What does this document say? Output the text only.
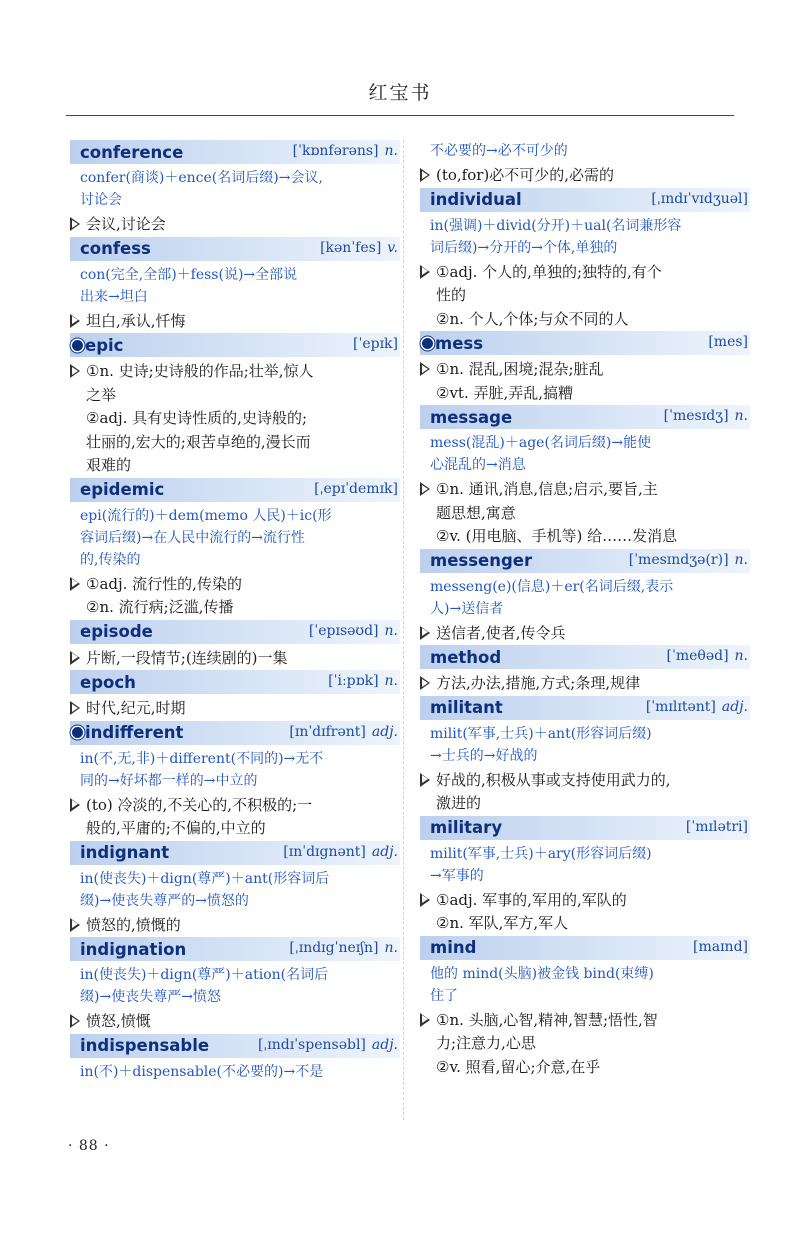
红宝书
conference	[ˈkɒnfərəns] n.
confer(商谈)＋ence(名词后缀)→会议,
讨论会
会议,讨论会
confess	[kənˈfes] v.
con(完全,全部)＋fess(说)→全部说
出来→坦白
坦白,承认,忏悔
epic	[ˈepɪk]
①n. 史诗;史诗般的作品;壮举,惊人
之举
②adj. 具有史诗性质的,史诗般的;
壮丽的,宏大的;艰苦卓绝的,漫长而
艰难的
epidemic	[ˌepɪˈdemɪk]
epi(流行的)＋dem(memo 人民)＋ic(形
容词后缀)→在人民中流行的→流行性
的,传染的
①adj. 流行性的,传染的
②n. 流行病;泛滥,传播
episode	[ˈepɪsəʊd] n.
片断,一段情节;(连续剧的)一集
epoch	[ˈiːpɒk] n.
时代,纪元,时期
indifferent	[ɪnˈdɪfrənt] adj.
in(不,无,非)＋different(不同的)→无不
同的→好坏都一样的→中立的
(to) 冷淡的,不关心的,不积极的;一
般的,平庸的;不偏的,中立的
indignant	[ɪnˈdɪgnənt] adj.
in(使丧失)＋dign(尊严)＋ant(形容词后
缀)→使丧失尊严的→愤怒的
愤怒的,愤慨的
indignation	[ˌɪndɪgˈneɪʃn] n.
in(使丧失)＋dign(尊严)＋ation(名词后
缀)→使丧失尊严→愤怒
愤怒,愤慨
indispensable	[ˌɪndɪˈspensəbl] adj.
in(不)＋dispensable(不必要的)→不是
不必要的→必不可少的
(to,for)必不可少的,必需的
individual	[ˌɪndɪˈvɪdʒuəl]
in(强调)＋divid(分开)＋ual(名词兼形容
词后缀)→分开的→个体,单独的
①adj. 个人的,单独的;独特的,有个
性的
②n. 个人,个体;与众不同的人
mess	[mes]
①n. 混乱,困境;混杂;脏乱
②vt. 弄脏,弄乱,搞糟
message	[ˈmesɪdʒ] n.
mess(混乱)＋age(名词后缀)→能使
心混乱的→消息
①n. 通讯,消息,信息;启示,要旨,主
题思想,寓意
②v. (用电脑、手机等) 给……发消息
messenger	[ˈmesɪndʒə(r)] n.
messeng(e)(信息)＋er(名词后缀,表示
人)→送信者
送信者,使者,传令兵
method	[ˈmeθəd] n.
方法,办法,措施,方式;条理,规律
militant	[ˈmɪlɪtənt] adj.
milit(军事,士兵)＋ant(形容词后缀)
→士兵的→好战的
好战的,积极从事或支持使用武力的,
激进的
military	[ˈmɪlətri]
milit(军事,士兵)＋ary(形容词后缀)
→军事的
①adj. 军事的,军用的,军队的
②n. 军队,军方,军人
mind	[maɪnd]
他的 mind(头脑)被金钱 bind(束缚)
住了
①n. 头脑,心智,精神,智慧;悟性,智
力;注意力,心思
②v. 照看,留心;介意,在乎
· 88 ·
